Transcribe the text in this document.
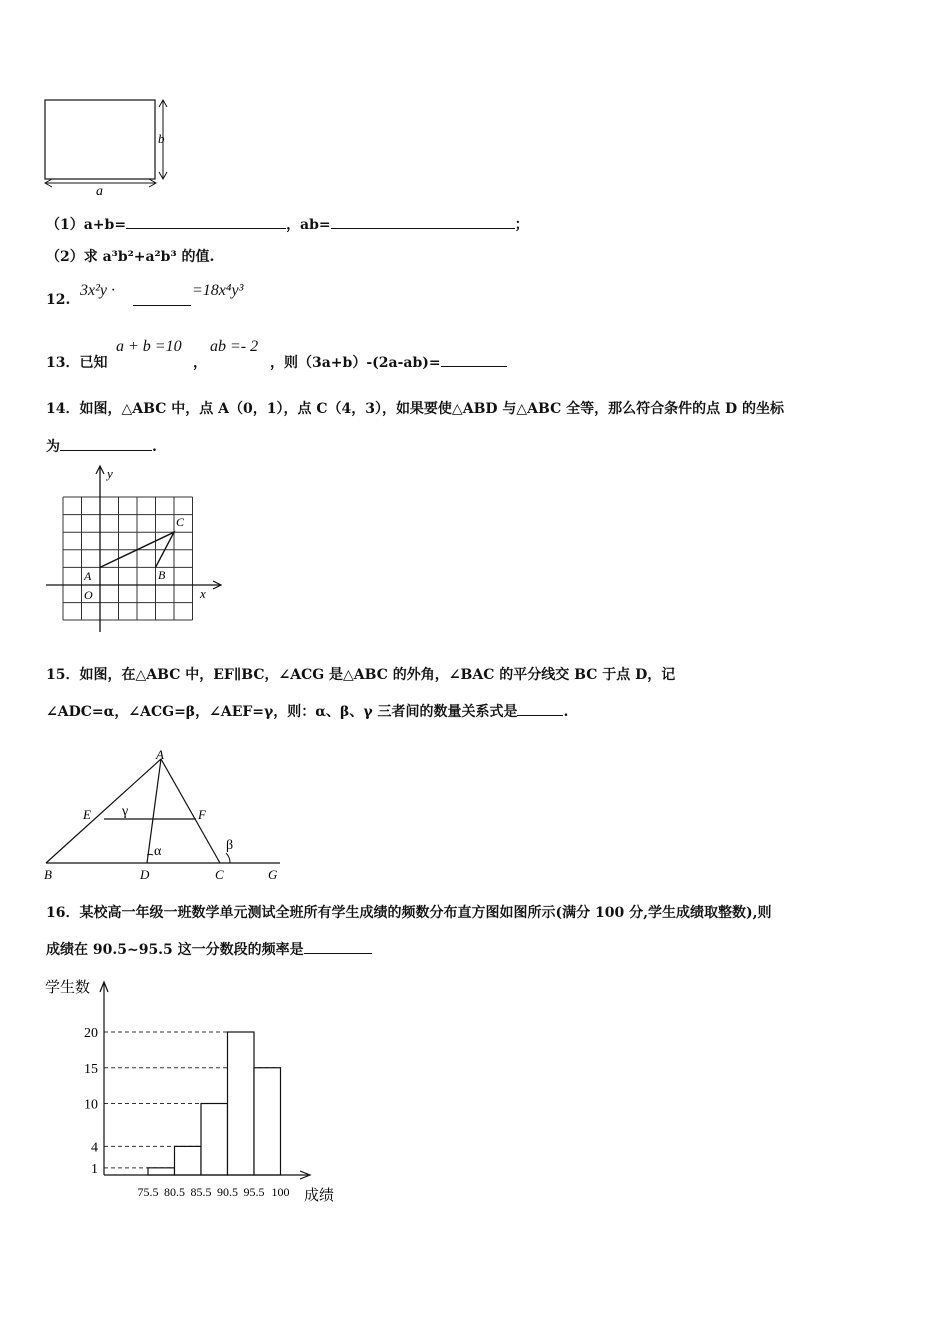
b
a
（1）a+b=	，ab=	；
（2）求 a³b²+a²b³ 的值.
12.
3x²y ·	=18x⁴y³
13．已知
a + b =10
，
ab =- 2
，则（3a+b）-(2a-ab)=
14．如图，△ABC 中，点 A（0，1），点 C（4，3），如果要使△ABD 与△ABC 全等，那么符合条件的点 D 的坐标
为	.
y
x
A	B
C
O
15．如图，在△ABC 中，EF∥BC，∠ACG 是△ABC 的外角，∠BAC 的平分线交 BC 于点 D，记
∠ADC=α，∠ACG=β，∠AEF=γ，则：α、β、γ 三者间的数量关系式是	.
A
B	D	C	G
E	F
γ
α	β
16．某校高一年级一班数学单元测试全班所有学生成绩的频数分布直方图如图所示(满分 100 分,学生成绩取整数),则
成绩在 90.5~95.5 这一分数段的频率是
1
4
10
15
20
75.5 80.5 85.5 90.5 95.5 100
学生数
成绩
